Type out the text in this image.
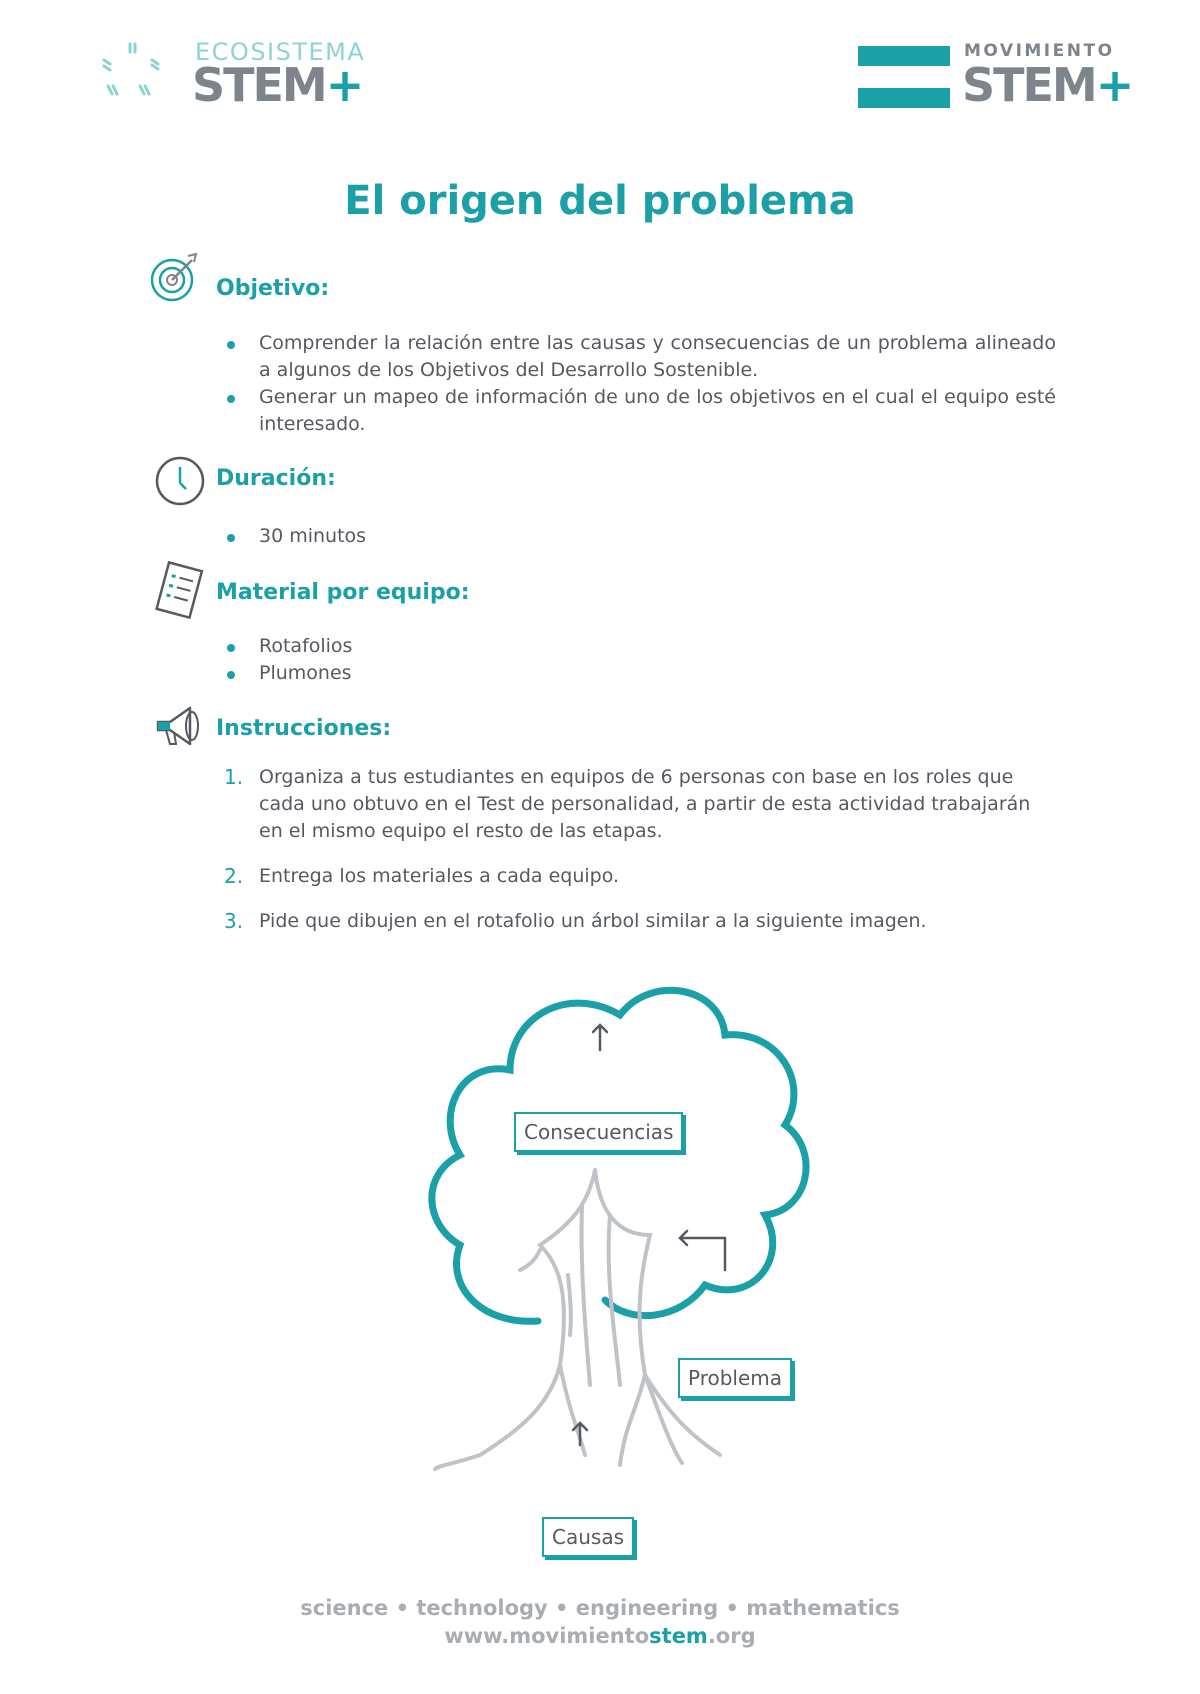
ECOSISTEMA
STEM+
MOVIMIENTO
STEM+
El origen del problema
Objetivo:
Comprender la relación entre las causas y consecuencias de un problema alineado a algunos de los Objetivos del Desarrollo Sostenible.
Generar un mapeo de información de uno de los objetivos en el cual el equipo esté interesado.
Duración:
30 minutos
Material por equipo:
Rotafolios
Plumones
Instrucciones:
1. Organiza a tus estudiantes en equipos de 6 personas con base en los roles que cada uno obtuvo en el Test de personalidad, a partir de esta actividad trabajarán en el mismo equipo el resto de las etapas.
2. Entrega los materiales a cada equipo.
3. Pide que dibujen en el rotafolio un árbol similar a la siguiente imagen.
Consecuencias
Problema
Causas
science • technology • engineering • mathematics
www.movimientostem.org
